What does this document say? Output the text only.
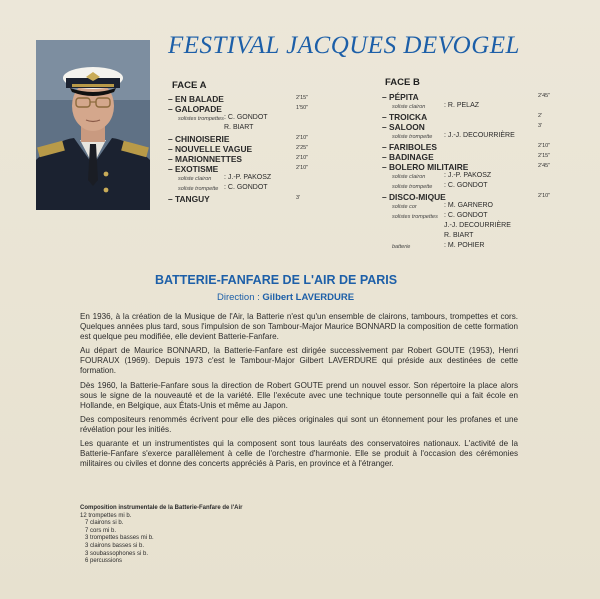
FESTIVAL JACQUES DEVOGEL
FACE A
– EN BALADE	2'15"
– GALOPADE	1'50"
solistes trompettes : C. GONDOT
R. BIART
– CHINOISERIE	2'10"
– NOUVELLE VAGUE	2'25"
– MARIONNETTES	2'10"
– EXOTISME	2'10"
soliste clairon : J.-P. PAKOSZ
soliste trompette : C. GONDOT
– TANGUY	3'
FACE B
– PÉPITA	2'45"
soliste clairon	: R. PELAZ
– TROICKA	2'
– SALOON	3'
soliste trompette : J.-J. DECOURRIÈRE
– FARIBOLES	2'10"
– BADINAGE	2'15"
– BOLERO MILITAIRE	2'45"
soliste clairon	: J.-P. PAKOSZ
soliste trompette : C. GONDOT
– DISCO-MIQUE	2'10"
soliste cor	: M. GARNERO
solistes trompettes : C. GONDOT
J.-J. DECOURRIÈRE
R. BIART
batterie	: M. POHIER
BATTERIE-FANFARE DE L'AIR DE PARIS
Direction : Gilbert LAVERDURE

En 1936, à la création de la Musique de l'Air, la Batterie n'est qu'un ensemble de clairons, tambours, trompettes et cors. Quelques années plus tard, sous l'impulsion de son Tambour-Major Maurice BONNARD la composition de cette formation est quelque peu modifiée, elle devient Batterie-Fanfare.

Au départ de Maurice BONNARD, la Batterie-Fanfare est dirigée successivement par Robert GOUTE (1953), Henri FOURAUX (1969). Depuis 1973 c'est le Tambour-Major Gilbert LAVERDURE qui préside aux destinées de cette formation.

Dès 1960, la Batterie-Fanfare sous la direction de Robert GOUTE prend un nouvel essor. Son répertoire la place alors sous le signe de la nouveauté et de la variété. Elle l'exécute avec une technique toute personnelle qui a fait école en Hollande, en Belgique, aux États-Unis et même au Japon.

Des compositeurs renommés écrivent pour elle des pièces originales qui sont un étonnement pour les profanes et une révélation pour les initiés.

Les quarante et un instrumentistes qui la composent sont tous lauréats des conservatoires nationaux. L'activité de la Batterie-Fanfare s'exerce parallèlement à celle de l'orchestre d'harmonie. Elle se produit à l'occasion des cérémonies militaires ou civiles et donne des concerts appréciés à Paris, en province et à l'étranger.

Composition instrumentale de la Batterie-Fanfare de l'Air
12 trompettes mi b.
7 clairons si b.
7 cors mi b.
3 trompettes basses mi b.
3 clairons basses si b.
3 soubassophones si b.
6 percussions
